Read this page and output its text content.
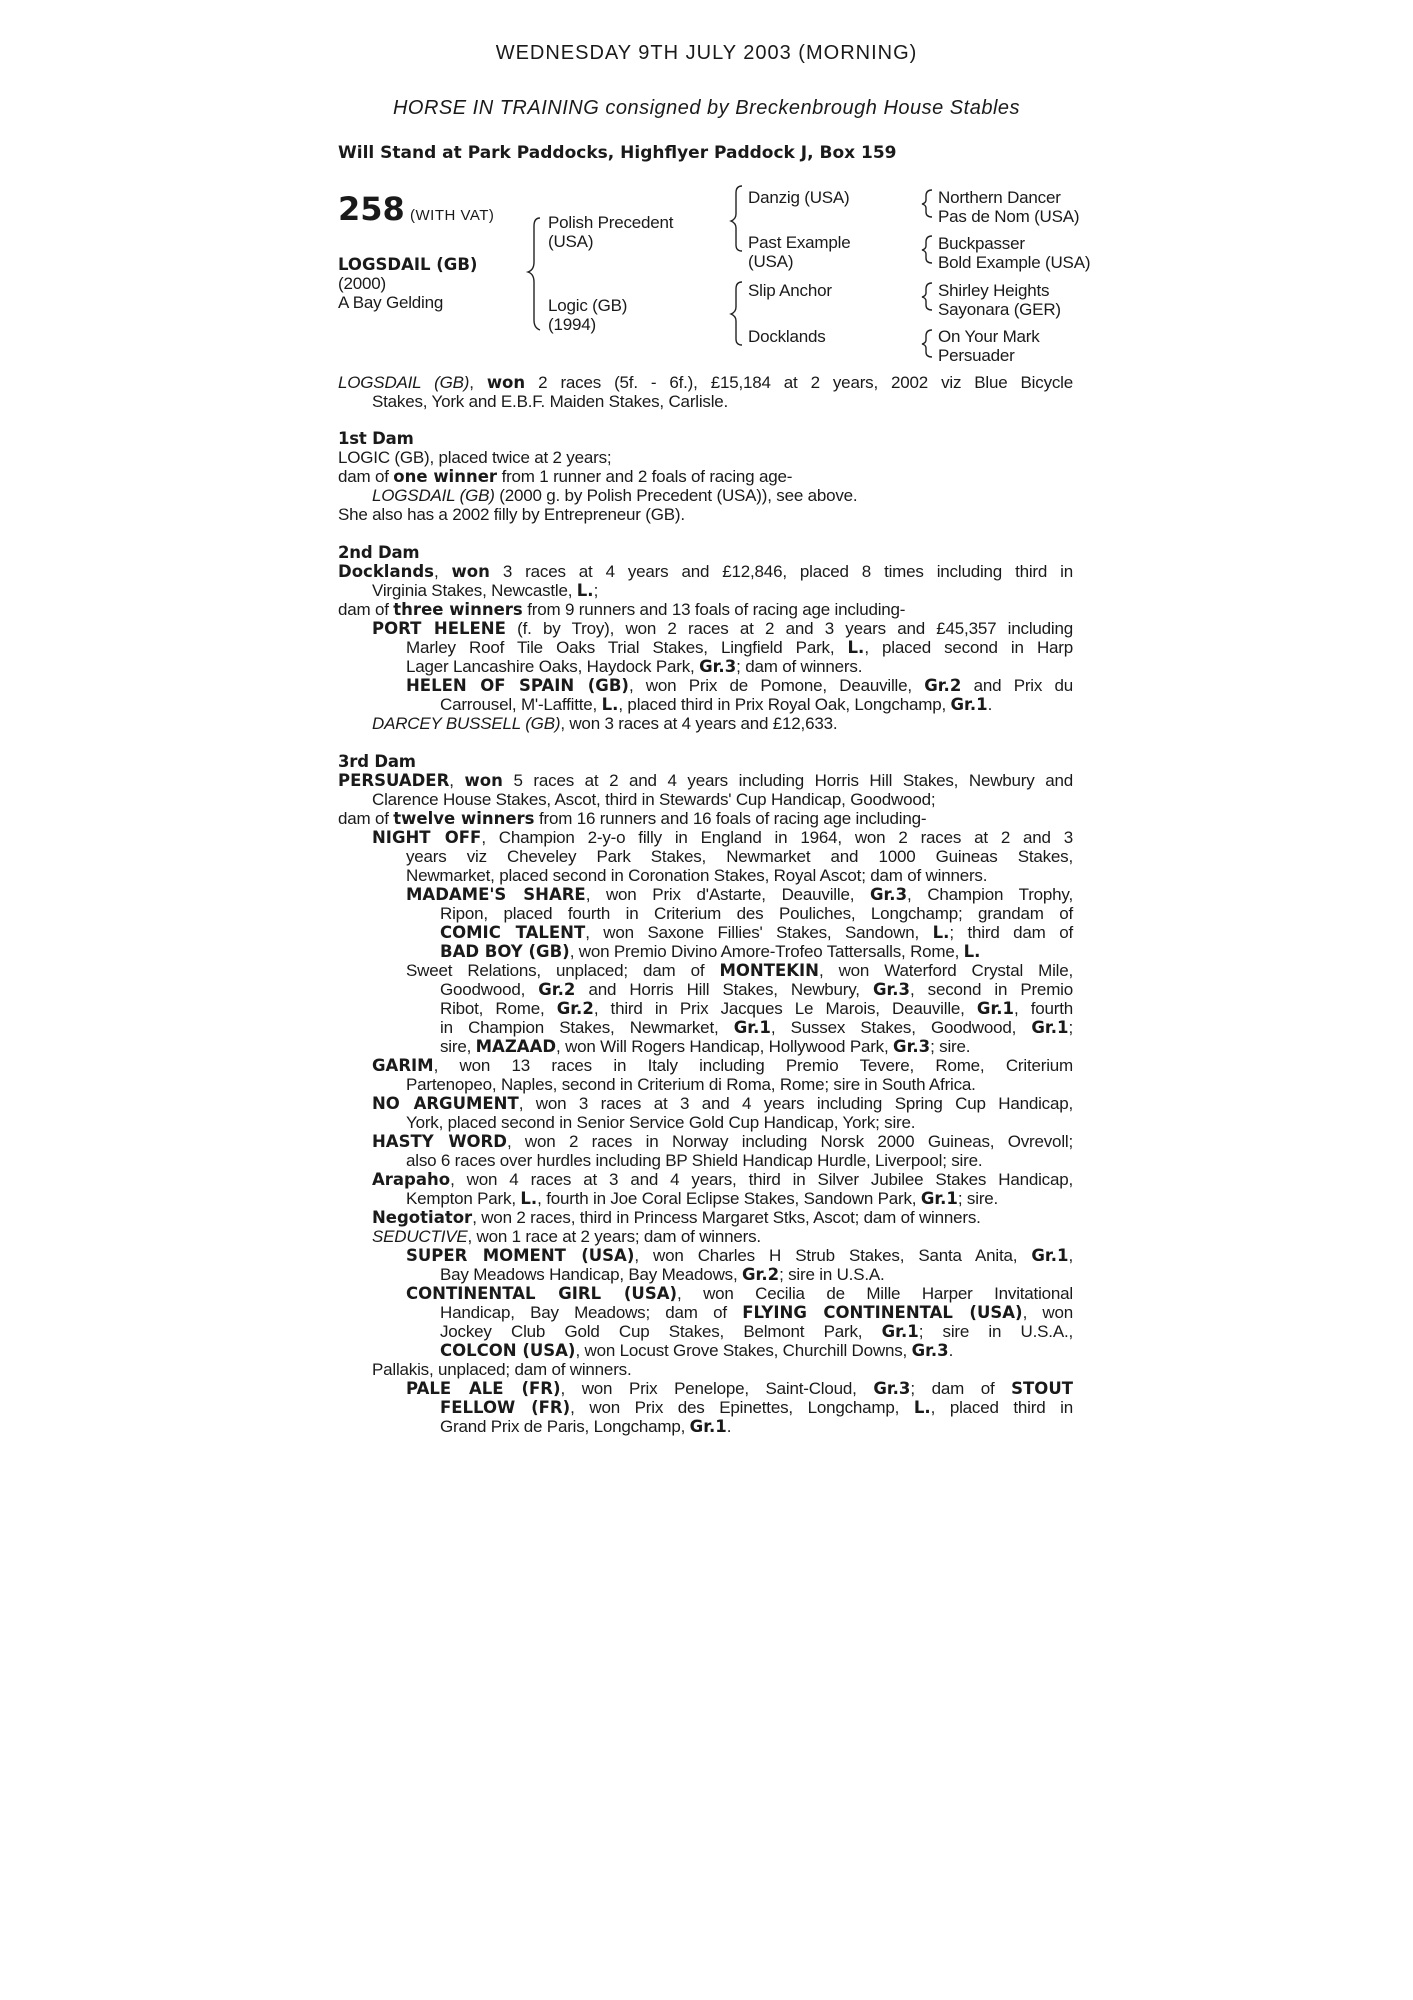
WEDNESDAY 9TH JULY 2003 (MORNING)
HORSE IN TRAINING consigned by Breckenbrough House Stables
Will Stand at Park Paddocks, Highflyer Paddock J, Box 159
258 (WITH VAT)
LOGSDAIL (GB)
(2000)
A Bay Gelding
Polish Precedent
(USA)
Logic (GB)
(1994)
Danzig (USA)
Past Example
(USA)
Slip Anchor
Docklands
Northern Dancer
Pas de Nom (USA)
Buckpasser
Bold Example (USA)
Shirley Heights
Sayonara (GER)
On Your Mark
Persuader
LOGSDAIL (GB), won 2 races (5f. - 6f.), £15,184 at 2 years, 2002 viz Blue Bicycle
Stakes, York and E.B.F. Maiden Stakes, Carlisle.
1st Dam
LOGIC (GB), placed twice at 2 years;
dam of one winner from 1 runner and 2 foals of racing age-
LOGSDAIL (GB) (2000 g. by Polish Precedent (USA)), see above.
She also has a 2002 filly by Entrepreneur (GB).
2nd Dam
Docklands, won 3 races at 4 years and £12,846, placed 8 times including third in
Virginia Stakes, Newcastle, L.;
dam of three winners from 9 runners and 13 foals of racing age including-
PORT HELENE (f. by Troy), won 2 races at 2 and 3 years and £45,357 including
Marley Roof Tile Oaks Trial Stakes, Lingfield Park, L., placed second in Harp
Lager Lancashire Oaks, Haydock Park, Gr.3; dam of winners.
HELEN OF SPAIN (GB), won Prix de Pomone, Deauville, Gr.2 and Prix du
Carrousel, M'-Laffitte, L., placed third in Prix Royal Oak, Longchamp, Gr.1.
DARCEY BUSSELL (GB), won 3 races at 4 years and £12,633.
3rd Dam
PERSUADER, won 5 races at 2 and 4 years including Horris Hill Stakes, Newbury and
Clarence House Stakes, Ascot, third in Stewards' Cup Handicap, Goodwood;
dam of twelve winners from 16 runners and 16 foals of racing age including-
NIGHT OFF, Champion 2-y-o filly in England in 1964, won 2 races at 2 and 3
years viz Cheveley Park Stakes, Newmarket and 1000 Guineas Stakes,
Newmarket, placed second in Coronation Stakes, Royal Ascot; dam of winners.
MADAME'S SHARE, won Prix d'Astarte, Deauville, Gr.3, Champion Trophy,
Ripon, placed fourth in Criterium des Pouliches, Longchamp; grandam of
COMIC TALENT, won Saxone Fillies' Stakes, Sandown, L.; third dam of
BAD BOY (GB), won Premio Divino Amore-Trofeo Tattersalls, Rome, L.
Sweet Relations, unplaced; dam of MONTEKIN, won Waterford Crystal Mile,
Goodwood, Gr.2 and Horris Hill Stakes, Newbury, Gr.3, second in Premio
Ribot, Rome, Gr.2, third in Prix Jacques Le Marois, Deauville, Gr.1, fourth
in Champion Stakes, Newmarket, Gr.1, Sussex Stakes, Goodwood, Gr.1;
sire, MAZAAD, won Will Rogers Handicap, Hollywood Park, Gr.3; sire.
GARIM, won 13 races in Italy including Premio Tevere, Rome, Criterium
Partenopeo, Naples, second in Criterium di Roma, Rome; sire in South Africa.
NO ARGUMENT, won 3 races at 3 and 4 years including Spring Cup Handicap,
York, placed second in Senior Service Gold Cup Handicap, York; sire.
HASTY WORD, won 2 races in Norway including Norsk 2000 Guineas, Ovrevoll;
also 6 races over hurdles including BP Shield Handicap Hurdle, Liverpool; sire.
Arapaho, won 4 races at 3 and 4 years, third in Silver Jubilee Stakes Handicap,
Kempton Park, L., fourth in Joe Coral Eclipse Stakes, Sandown Park, Gr.1; sire.
Negotiator, won 2 races, third in Princess Margaret Stks, Ascot; dam of winners.
SEDUCTIVE, won 1 race at 2 years; dam of winners.
SUPER MOMENT (USA), won Charles H Strub Stakes, Santa Anita, Gr.1,
Bay Meadows Handicap, Bay Meadows, Gr.2; sire in U.S.A.
CONTINENTAL GIRL (USA), won Cecilia de Mille Harper Invitational
Handicap, Bay Meadows; dam of FLYING CONTINENTAL (USA), won
Jockey Club Gold Cup Stakes, Belmont Park, Gr.1; sire in U.S.A.,
COLCON (USA), won Locust Grove Stakes, Churchill Downs, Gr.3.
Pallakis, unplaced; dam of winners.
PALE ALE (FR), won Prix Penelope, Saint-Cloud, Gr.3; dam of STOUT
FELLOW (FR), won Prix des Epinettes, Longchamp, L., placed third in
Grand Prix de Paris, Longchamp, Gr.1.
